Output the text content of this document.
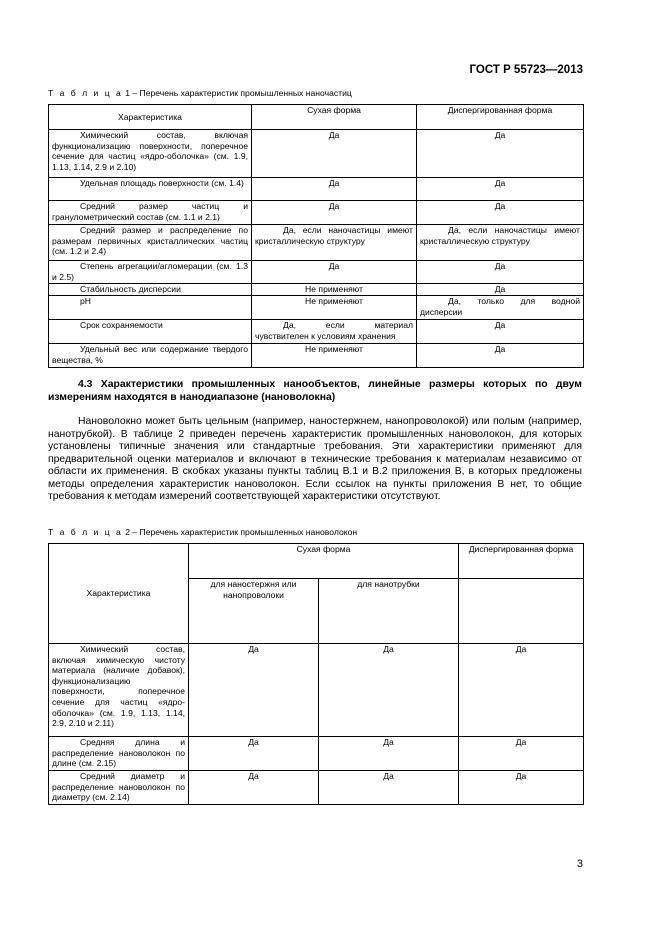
ГОСТ Р 55723—2013
Т а б л и ц а 1 – Перечень характеристик промышленных наночастиц
Характеристика	Сухая форма	Диспергированная форма
Химический состав, включая функционализацию поверхности, поперечное сечение для частиц «ядро-оболочка» (см. 1.9, 1.13, 1.14, 2.9 и 2.10)	Да	Да
Удельная площадь поверхности (см. 1.4)	Да	Да
Средний размер частиц и гранулометрический состав (см. 1.1 и 2.1)	Да	Да
Средний размер и распределение по размерам первичных кристаллических частиц (см. 1.2 и 2.4)	Да, если наночастицы имеют кристаллическую структуру	Да, если наночастицы имеют кристаллическую структуру
Степень агрегации/агломерации (см. 1.3 и 2.5)	Да	Да
Стабильность дисперсии	Не применяют	Да
pH	Не применяют	Да, только для водной дисперсии
Срок сохраняемости	Да, если материал чувствителен к условиям хранения	Да
Удельный вес или содержание твердого вещества, %	Не применяют	Да
4.3 Характеристики промышленных нанообъектов, линейные размеры которых по двум измерениям находятся в нанодиапазоне (нановолокна)

Нановолокно может быть цельным (например, наностержнем, нанопроволокой) или полым (например, нанотрубкой). В таблице 2 приведен перечень характеристик промышленных нановолокон, для которых установлены типичные значения или стандартные требования. Эти характеристики применяют для предварительной оценки материалов и включают в технические требования к материалам независимо от области их применения. В скобках указаны пункты таблиц В.1 и В.2 приложения В, в которых предложены методы определения характеристик нановолокон. Если ссылок на пункты приложения В нет, то общие требования к методам измерений соответствующей характеристики отсутствуют.

Т а б л и ц а 2 – Перечень характеристик промышленных нановолокон
Характеристика	Сухая форма		Диспергированная форма
	для наностержня или нанопроволоки	для нанотрубки	
Химический состав, включая химическую чистоту материала (наличие добавок), функционализацию поверхности, поперечное сечение для частиц «ядро-оболочка» (см. 1.9, 1.13, 1.14, 2.9, 2.10 и 2.11)	Да	Да	Да
Средняя длина и распределение нановолокон по длине (см. 2.15)	Да	Да	Да
Средний диаметр и распределение нановолокон по диаметру (см. 2.14)	Да	Да	Да
3
